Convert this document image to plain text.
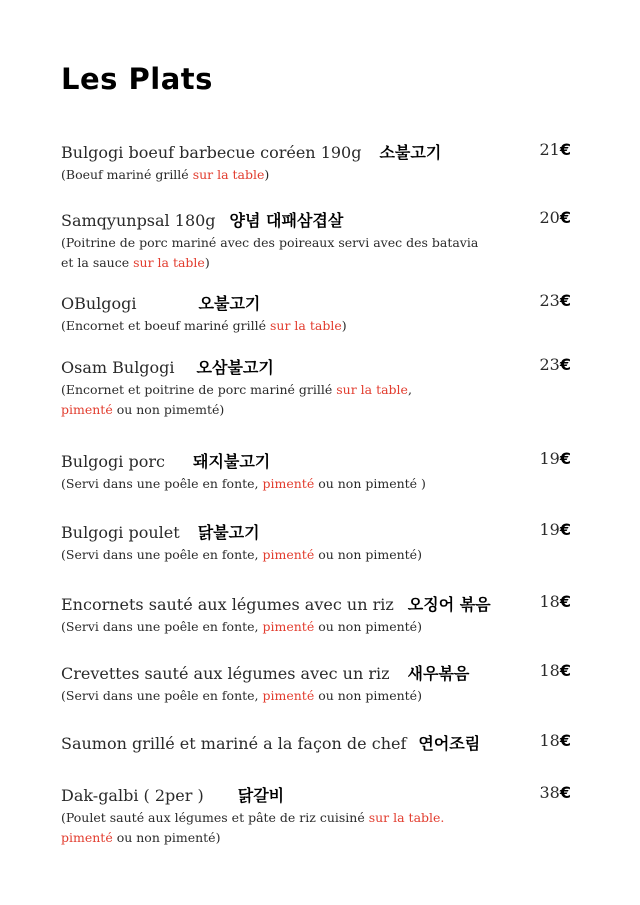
Les Plats
Bulgogi boeuf barbecue coréen 190g 소불고기	21€
(Boeuf mariné grillé sur la table)
Samqyunpsal 180g 양념 대패삼겹살	20€
(Poitrine de porc mariné avec des poireaux servi avec des batavia
et la sauce sur la table)
OBulgogi	오불고기	23€
(Encornet et boeuf mariné grillé sur la table)
Osam Bulgogi 오삼불고기	23€
(Encornet et poitrine de porc mariné grillé sur la table,
pimenté ou non pimemté)
Bulgogi porc 돼지불고기	19€
(Servi dans une poêle en fonte, pimenté ou non pimenté )
Bulgogi poulet 닭불고기	19€
(Servi dans une poêle en fonte, pimenté ou non pimenté)
Encornets sauté aux légumes avec un riz 오징어 볶음	18€
(Servi dans une poêle en fonte, pimenté ou non pimenté)
Crevettes sauté aux légumes avec un riz 새우볶음	18€
(Servi dans une poêle en fonte, pimenté ou non pimenté)
Saumon grillé et mariné a la façon de chef 연어조림	18€
Dak-galbi ( 2per ) 닭갈비	38€
(Poulet sauté aux légumes et pâte de riz cuisiné sur la table.
pimenté ou non pimenté)
